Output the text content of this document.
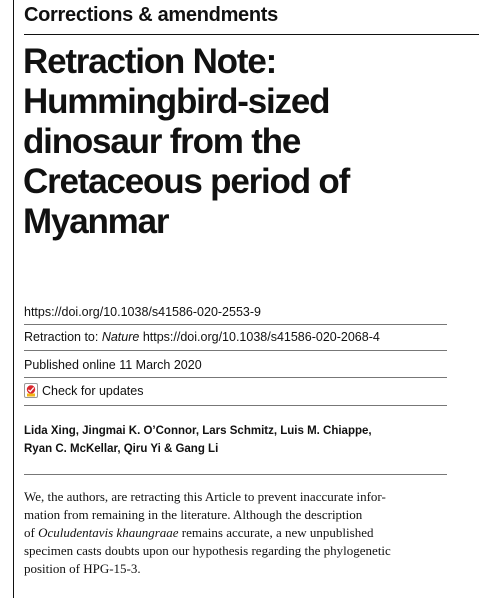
Corrections & amendments
Retraction Note:
Hummingbird-sized
dinosaur from the
Cretaceous period of
Myanmar
https://doi.org/10.1038/s41586-020-2553-9
Retraction to: Nature https://doi.org/10.1038/s41586-020-2068-4
Published online 11 March 2020
Check for updates
Lida Xing, Jingmai K. O’Connor, Lars Schmitz, Luis M. Chiappe,
Ryan C. McKellar, Qiru Yi & Gang Li

We, the authors, are retracting this Article to prevent inaccurate infor-
mation from remaining in the literature. Although the description
of Oculudentavis khaungraae remains accurate, a new unpublished
specimen casts doubts upon our hypothesis regarding the phylogenetic
position of HPG-15-3.
